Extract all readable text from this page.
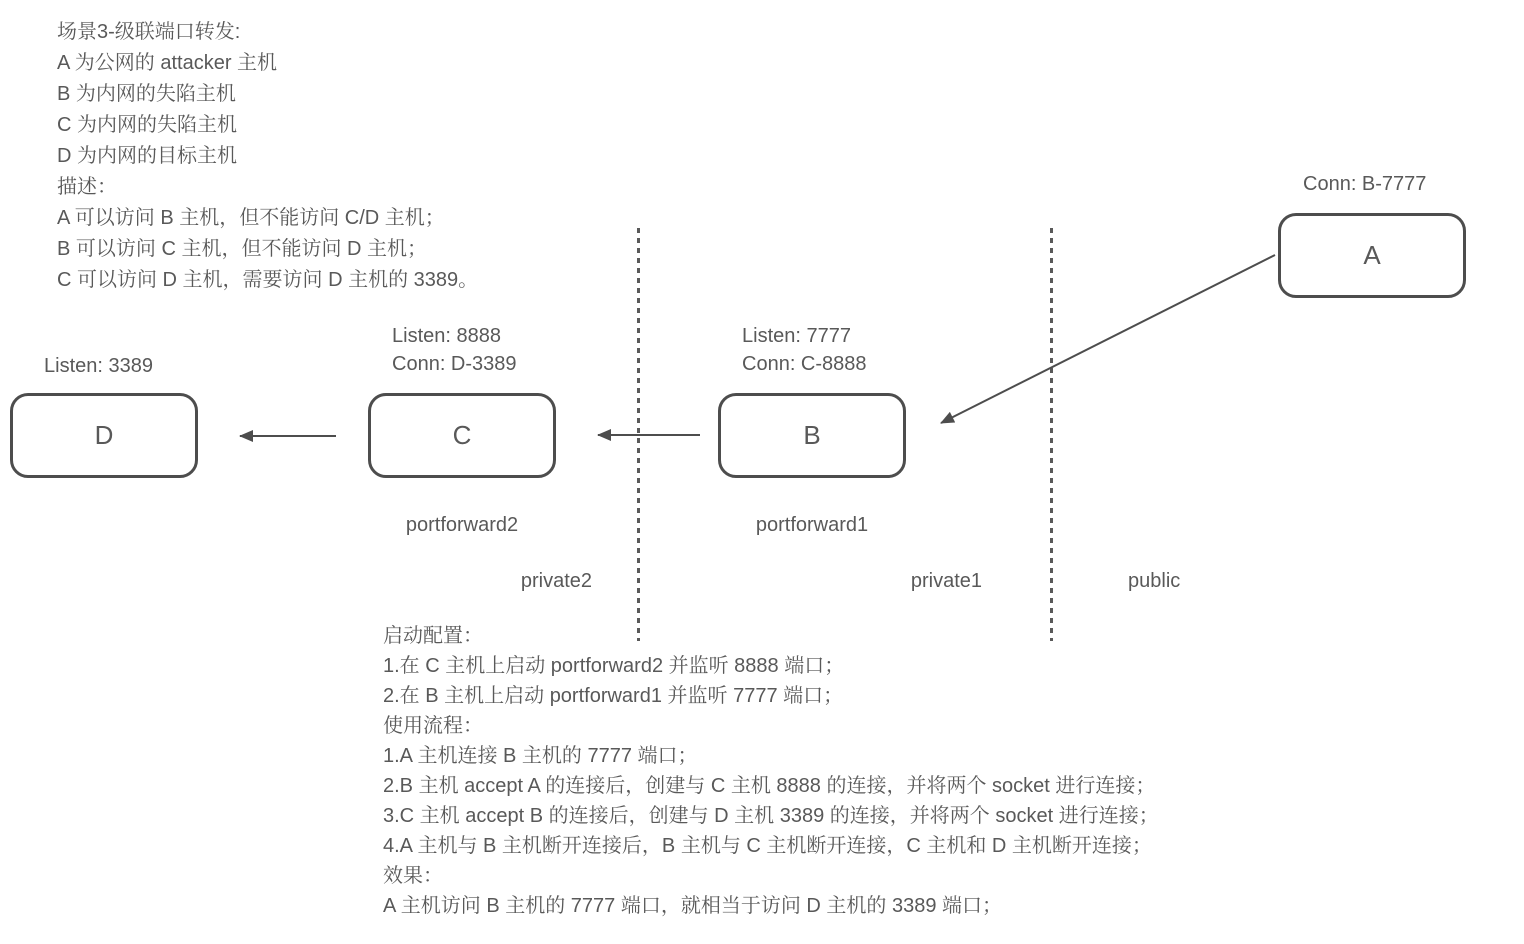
场景3-级联端口转发:
A 为公网的 attacker 主机
B 为内网的失陷主机
C 为内网的失陷主机
D 为内网的目标主机
描述：
A 可以访问 B 主机，但不能访问 C/D 主机；
B 可以访问 C 主机，但不能访问 D 主机；
C 可以访问 D 主机，需要访问 D 主机的 3389。
Conn: B-7777
Listen: 7777
Conn: C-8888
Listen: 8888
Conn: D-3389
Listen: 3389
A
B
C
D
portforward2	portforward1
private2	private1	public
启动配置：
1.在 C 主机上启动 portforward2 并监听 8888 端口；
2.在 B 主机上启动 portforward1 并监听 7777 端口；
使用流程：
1.A 主机连接 B 主机的 7777 端口；
2.B 主机 accept A 的连接后，创建与 C 主机 8888 的连接，并将两个 socket 进行连接；
3.C 主机 accept B 的连接后，创建与 D 主机 3389 的连接，并将两个 socket 进行连接；
4.A 主机与 B 主机断开连接后，B 主机与 C 主机断开连接，C 主机和 D 主机断开连接；
效果：
A 主机访问 B 主机的 7777 端口，就相当于访问 D 主机的 3389 端口；
